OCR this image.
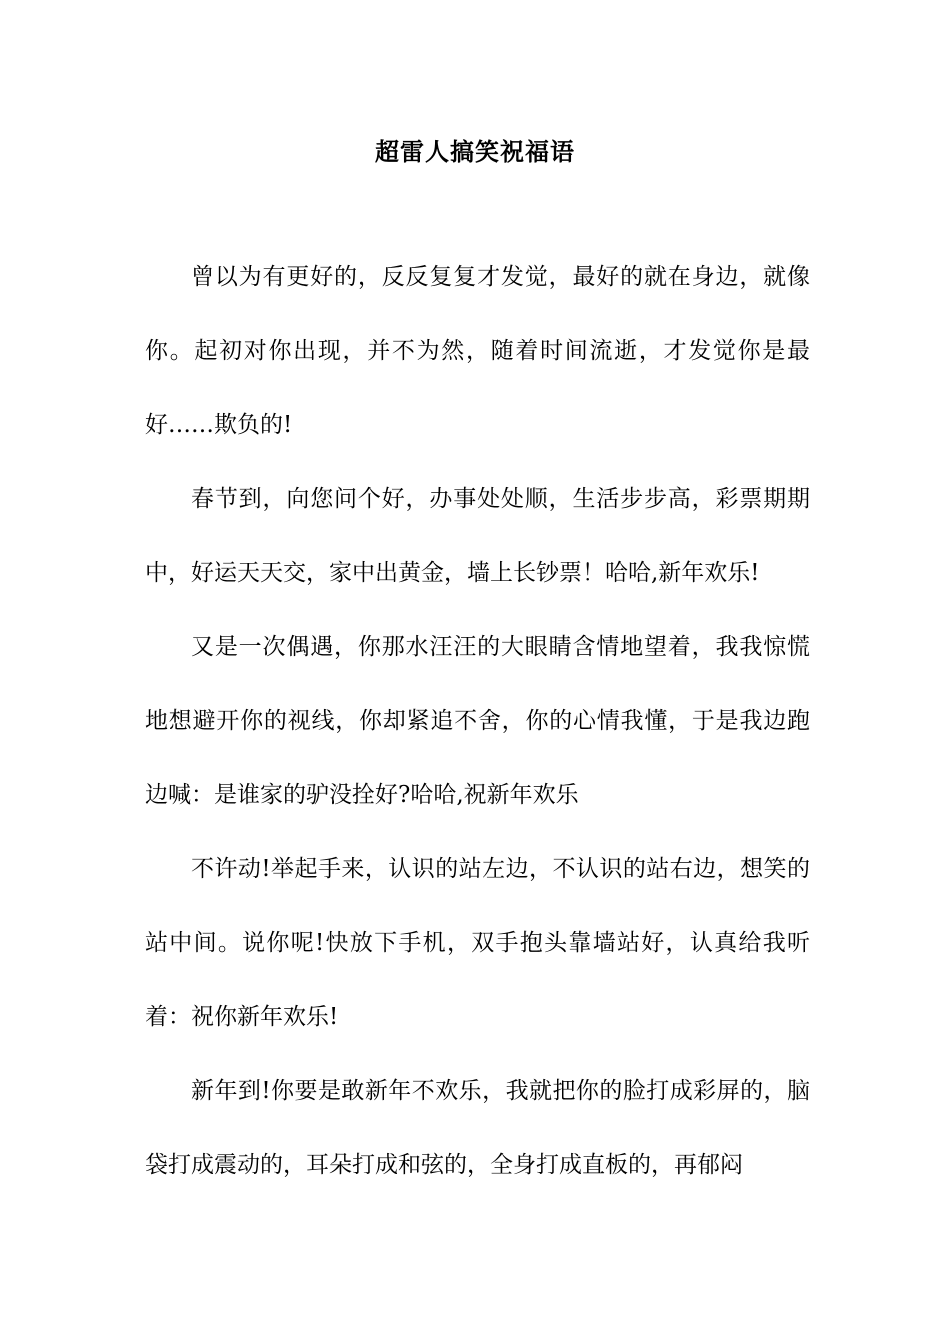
超雷人搞笑祝福语

曾以为有更好的，反反复复才发觉，最好的就在身边，就像你。起初对你出现，并不为然，随着时间流逝，才发觉你是最好……欺负的!

春节到，向您问个好，办事处处顺，生活步步高，彩票期期中，好运天天交，家中出黄金，墙上长钞票！哈哈,新年欢乐!

又是一次偶遇，你那水汪汪的大眼睛含情地望着，我我惊慌地想避开你的视线，你却紧追不舍，你的心情我懂，于是我边跑边喊：是谁家的驴没拴好?哈哈,祝新年欢乐

不许动!举起手来，认识的站左边，不认识的站右边，想笑的站中间。说你呢!快放下手机，双手抱头靠墙站好，认真给我听着：祝你新年欢乐!

新年到!你要是敢新年不欢乐，我就把你的脸打成彩屏的，脑袋打成震动的，耳朵打成和弦的，全身打成直板的，再郁闷
